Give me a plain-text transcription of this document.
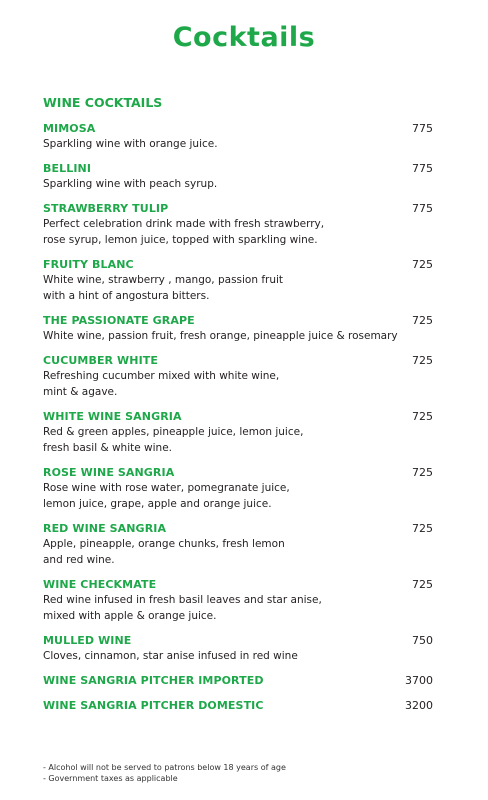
Cocktails
WINE COCKTAILS
MIMOSA	775
Sparkling wine with orange juice.
BELLINI	775
Sparkling wine with peach syrup.
STRAWBERRY TULIP	775
Perfect celebration drink made with fresh strawberry,
rose syrup, lemon juice, topped with sparkling wine.
FRUITY BLANC	725
White wine, strawberry , mango, passion fruit
with a hint of angostura bitters.
THE PASSIONATE GRAPE	725
White wine, passion fruit, fresh orange, pineapple juice & rosemary
CUCUMBER WHITE	725
Refreshing cucumber mixed with white wine,
mint & agave.
WHITE WINE SANGRIA	725
Red & green apples, pineapple juice, lemon juice,
fresh basil & white wine.
ROSE WINE SANGRIA	725
Rose wine with rose water, pomegranate juice,
lemon juice, grape, apple and orange juice.
RED WINE SANGRIA	725
Apple, pineapple, orange chunks, fresh lemon
and red wine.
WINE CHECKMATE	725
Red wine infused in fresh basil leaves and star anise,
mixed with apple & orange juice.
MULLED WINE	750
Cloves, cinnamon, star anise infused in red wine
WINE SANGRIA PITCHER IMPORTED	3700
WINE SANGRIA PITCHER DOMESTIC	3200
- Alcohol will not be served to patrons below 18 years of age
- Government taxes as applicable
